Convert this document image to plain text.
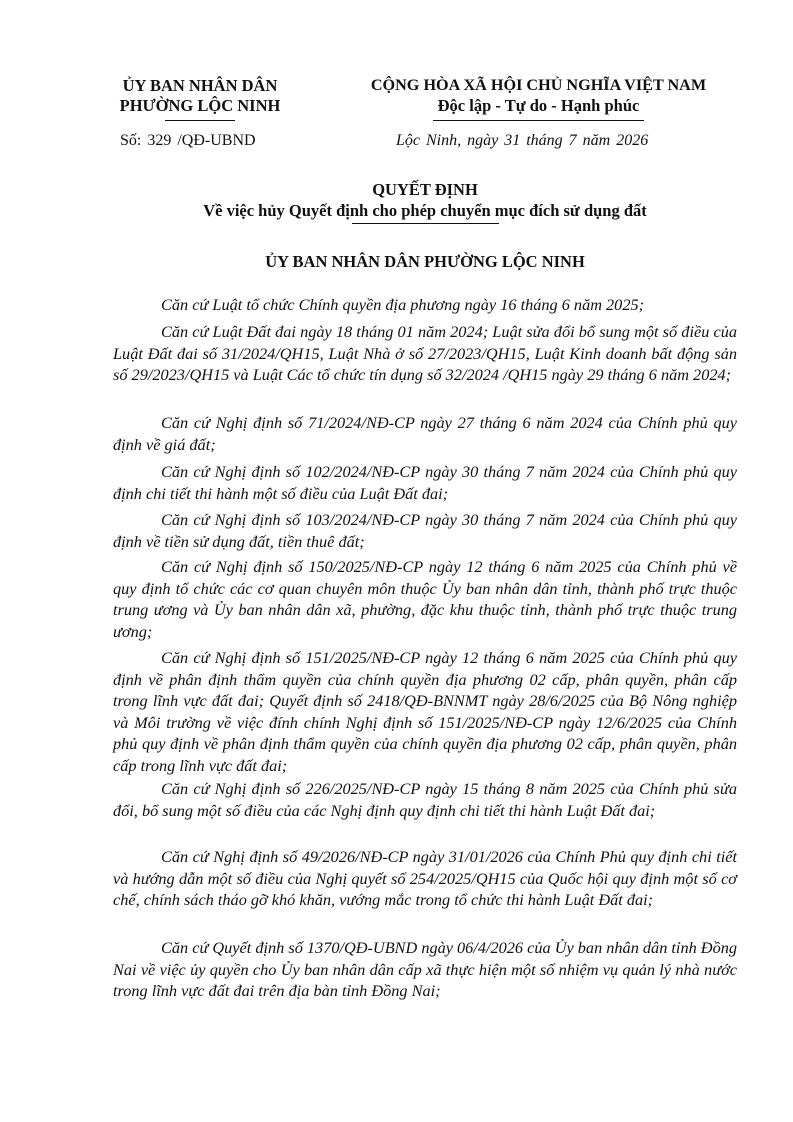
ỦY BAN NHÂN DÂN
PHƯỜNG LỘC NINH
Số: 329 /QĐ-UBND
CỘNG HÒA XÃ HỘI CHỦ NGHĨA VIỆT NAM
Độc lập - Tự do - Hạnh phúc
Lộc Ninh, ngày 31 tháng 7 năm 2026
QUYẾT ĐỊNH
Về việc hủy Quyết định cho phép chuyển mục đích sử dụng đất
ỦY BAN NHÂN DÂN PHƯỜNG LỘC NINH
Căn cứ Luật tổ chức Chính quyền địa phương ngày 16 tháng 6 năm 2025;
Căn cứ Luật Đất đai ngày 18 tháng 01 năm 2024; Luật sửa đổi bổ sung một số điều của Luật Đất đai số 31/2024/QH15, Luật Nhà ở số 27/2023/QH15, Luật Kinh doanh bất động sản số 29/2023/QH15 và Luật Các tổ chức tín dụng số 32/2024 /QH15 ngày 29 tháng 6 năm 2024;
Căn cứ Nghị định số 71/2024/NĐ-CP ngày 27 tháng 6 năm 2024 của Chính phủ quy định về giá đất;
Căn cứ Nghị định số 102/2024/NĐ-CP ngày 30 tháng 7 năm 2024 của Chính phủ quy định chi tiết thi hành một số điều của Luật Đất đai;
Căn cứ Nghị định số 103/2024/NĐ-CP ngày 30 tháng 7 năm 2024 của Chính phủ quy định về tiền sử dụng đất, tiền thuê đất;
Căn cứ Nghị định số 150/2025/NĐ-CP ngày 12 tháng 6 năm 2025 của Chính phủ về quy định tổ chức các cơ quan chuyên môn thuộc Ủy ban nhân dân tỉnh, thành phố trực thuộc trung ương và Ủy ban nhân dân xã, phường, đặc khu thuộc tỉnh, thành phố trực thuộc trung ương;
Căn cứ Nghị định số 151/2025/NĐ-CP ngày 12 tháng 6 năm 2025 của Chính phủ quy định về phân định thẩm quyền của chính quyền địa phương 02 cấp, phân quyền, phân cấp trong lĩnh vực đất đai; Quyết định số 2418/QĐ-BNNMT ngày 28/6/2025 của Bộ Nông nghiệp và Môi trường về việc đính chính Nghị định số 151/2025/NĐ-CP ngày 12/6/2025 của Chính phủ quy định về phân định thẩm quyền của chính quyền địa phương 02 cấp, phân quyền, phân cấp trong lĩnh vực đất đai;
Căn cứ Nghị định số 226/2025/NĐ-CP ngày 15 tháng 8 năm 2025 của Chính phủ sửa đổi, bổ sung một số điều của các Nghị định quy định chi tiết thi hành Luật Đất đai;
Căn cứ Nghị định số 49/2026/NĐ-CP ngày 31/01/2026 của Chính Phủ quy định chi tiết và hướng dẫn một số điều của Nghị quyết số 254/2025/QH15 của Quốc hội quy định một số cơ chế, chính sách tháo gỡ khó khăn, vướng mắc trong tổ chức thi hành Luật Đất đai;
Căn cứ Quyết định số 1370/QĐ-UBND ngày 06/4/2026 của Ủy ban nhân dân tỉnh Đồng Nai về việc ủy quyền cho Ủy ban nhân dân cấp xã thực hiện một số nhiệm vụ quản lý nhà nước trong lĩnh vực đất đai trên địa bàn tỉnh Đồng Nai;
